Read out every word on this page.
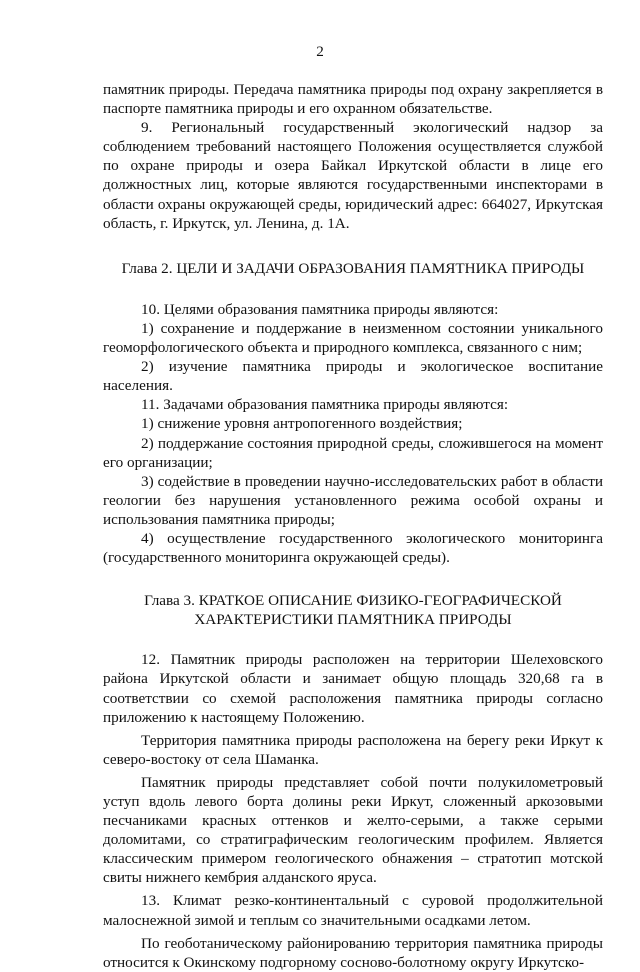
2

памятник природы. Передача памятника природы под охрану закрепляется в паспорте памятника природы и его охранном обязательстве.

9. Региональный государственный экологический надзор за соблюдением требований настоящего Положения осуществляется службой по охране природы и озера Байкал Иркутской области в лице его должностных лиц, которые являются государственными инспекторами в области охраны окружающей среды, юридический адрес: 664027, Иркутская область, г. Иркутск, ул. Ленина, д. 1А.

Глава 2. ЦЕЛИ И ЗАДАЧИ ОБРАЗОВАНИЯ ПАМЯТНИКА ПРИРОДЫ

10. Целями образования памятника природы являются:

1) сохранение и поддержание в неизменном состоянии уникального геоморфологического объекта и природного комплекса, связанного с ним;

2) изучение памятника природы и экологическое воспитание населения.

11. Задачами образования памятника природы являются:

1) снижение уровня антропогенного воздействия;

2) поддержание состояния природной среды, сложившегося на момент его организации;

3) содействие в проведении научно-исследовательских работ в области геологии без нарушения установленного режима особой охраны и использования памятника природы;

4) осуществление государственного экологического мониторинга (государственного мониторинга окружающей среды).

Глава 3. КРАТКОЕ ОПИСАНИЕ ФИЗИКО-ГЕОГРАФИЧЕСКОЙ ХАРАКТЕРИСТИКИ ПАМЯТНИКА ПРИРОДЫ

12. Памятник природы расположен на территории Шелеховского района Иркутской области и занимает общую площадь 320,68 га в соответствии со схемой расположения памятника природы согласно приложению к настоящему Положению.

Территория памятника природы расположена на берегу реки Иркут к северо-востоку от села Шаманка.

Памятник природы представляет собой почти полукилометровый уступ вдоль левого борта долины реки Иркут, сложенный аркозовыми песчаниками красных оттенков и желто-серыми, а также серыми доломитами, со стратиграфическим геологическим профилем. Является классическим примером геологического обнажения – стратотип мотской свиты нижнего кембрия алданского яруса.

13. Климат резко-континентальный с суровой продолжительной малоснежной зимой и теплым со значительными осадками летом.

По геоботаническому районированию территория памятника природы относится к Окинскому подгорному сосново-болотному округу Иркутско-
